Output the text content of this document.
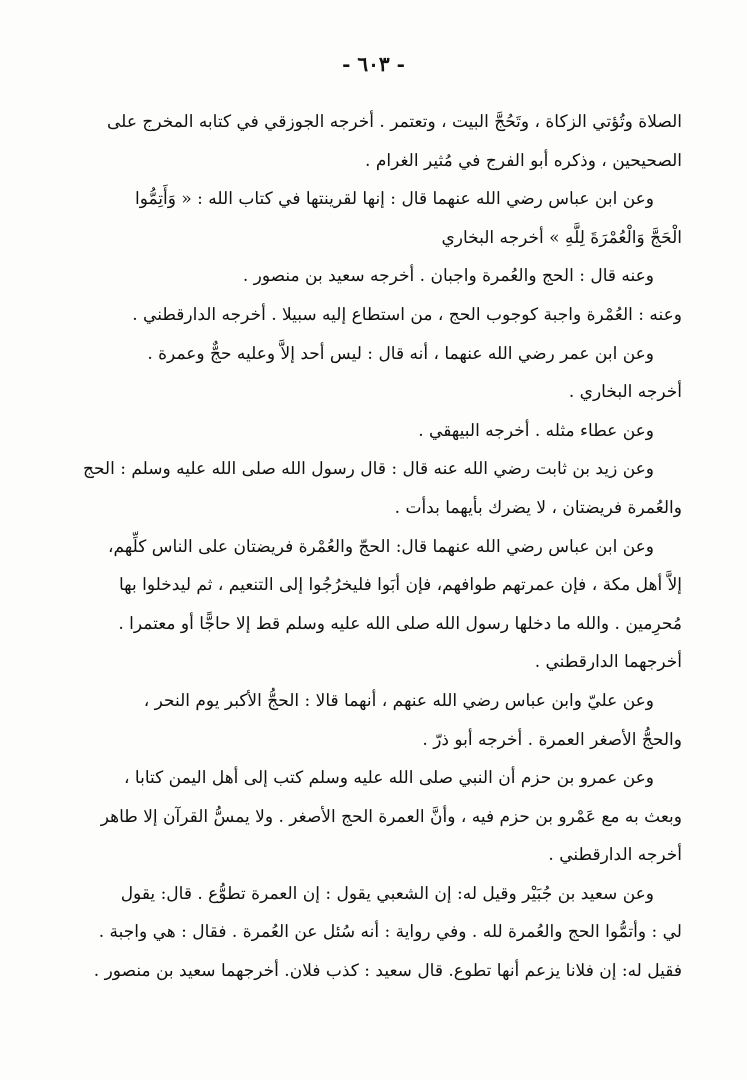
- ٦٠٣ -
الصلاة وتُؤتي الزكاة ، وتَحُجَّ البيت ، وتعتمر . أخرجه الجوزقي في كتابه المخرج على
الصحيحين ، وذكره أبو الفرج في مُثير الغرام .
وعن ابن عباس رضي الله عنهما قال : إنها لقرينتها في كتاب الله : « وَأَتِمُّوا
الْحَجَّ وَالْعُمْرَةَ لِلَّهِ » أخرجه البخاري
وعنه قال : الحج والعُمرة واجبان . أخرجه سعيد بن منصور .
وعنه : العُمْرة واجبة كوجوب الحج ، من استطاع إليه سبيلا . أخرجه الدارقطني .
وعن ابن عمر رضي الله عنهما ، أنه قال : ليس أحد إلاَّ وعليه حجٌّ وعمرة .
أخرجه البخاري .
وعن عطاء مثله . أخرجه البيهقي .
وعن زيد بن ثابت رضي الله عنه قال : قال رسول الله صلى الله عليه وسلم : الحج
والعُمرة فريضتان ، لا يضرك بأيهما بدأت .
وعن ابن عباس رضي الله عنهما قال: الحجّ والعُمْرة فريضتان على الناس كلِّهم،
إلاَّ أهل مكة ، فإن عمرتهم طوافهم، فإن أبَوا فليخرُجُوا إلى التنعيم ، ثم ليدخلوا بها
مُحرِمين . والله ما دخلها رسول الله صلى الله عليه وسلم قط إلا حاجًّا أو معتمرا .
أخرجهما الدارقطني .
وعن عليّ وابن عباس رضي الله عنهم ، أنهما قالا : الحجُّ الأكبر يوم النحر ،
والحجُّ الأصغر العمرة . أخرجه أبو ذرّ .
وعن عمرو بن حزم أن النبي صلى الله عليه وسلم كتب إلى أهل اليمن كتابا ،
وبعث به مع عَمْرو بن حزم فيه ، وأنَّ العمرة الحج الأصغر . ولا يمسُّ القرآن إلا طاهر
أخرجه الدارقطني .
وعن سعيد بن جُبَيْر وقيل له: إن الشعبي يقول : إن العمرة تطوُّع . قال: يقول
لي : وأتمُّوا الحج والعُمرة لله . وفي رواية : أنه سُئل عن العُمرة . فقال : هي واجبة .
فقيل له: إن فلانا يزعم أنها تطوع. قال سعيد : كذب فلان. أخرجهما سعيد بن منصور .
